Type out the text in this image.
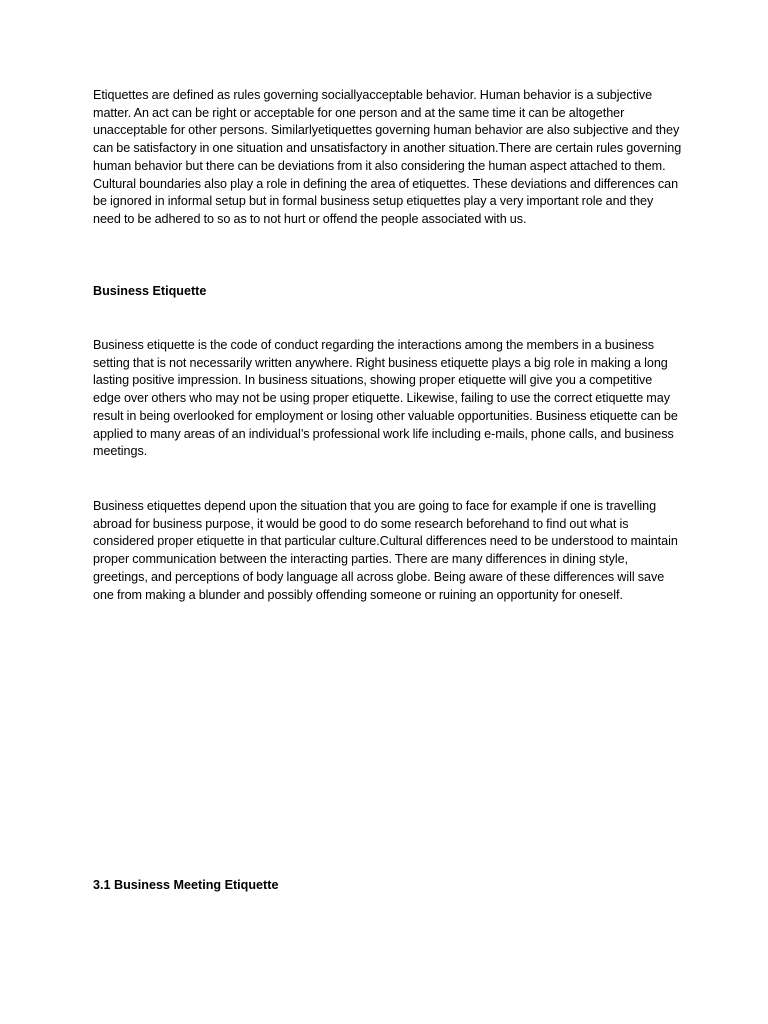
Etiquettes are defined as rules governing sociallyacceptable behavior. Human behavior is a subjective matter. An act can be right or acceptable for one person and at the same time it can be altogether unacceptable for other persons. Similarlyetiquettes governing human behavior are also subjective and they can be satisfactory in one situation and unsatisfactory in another situation.There are certain rules governing human behavior but there can be deviations from it also considering the human aspect attached to them. Cultural boundaries also play a role in defining the area of etiquettes. These deviations and differences can be ignored in informal setup but in formal business setup etiquettes play a very important role and they need to be adhered to so as to not hurt or offend the people associated with us.

Business Etiquette

Business etiquette is the code of conduct regarding the interactions among the members in a business setting that is not necessarily written anywhere. Right business etiquette plays a big role in making a long lasting positive impression. In business situations, showing proper etiquette will give you a competitive edge over others who may not be using proper etiquette. Likewise, failing to use the correct etiquette may result in being overlooked for employment or losing other valuable opportunities. Business etiquette can be applied to many areas of an individual’s professional work life including e-mails, phone calls, and business meetings.

Business etiquettes depend upon the situation that you are going to face for example if one is travelling abroad for business purpose, it would be good to do some research beforehand to find out what is considered proper etiquette in that particular culture.Cultural differences need to be understood to maintain proper communication between the interacting parties. There are many differences in dining style, greetings, and perceptions of body language all across globe. Being aware of these differences will save one from making a blunder and possibly offending someone or ruining an opportunity for oneself.

3.1 Business Meeting Etiquette
